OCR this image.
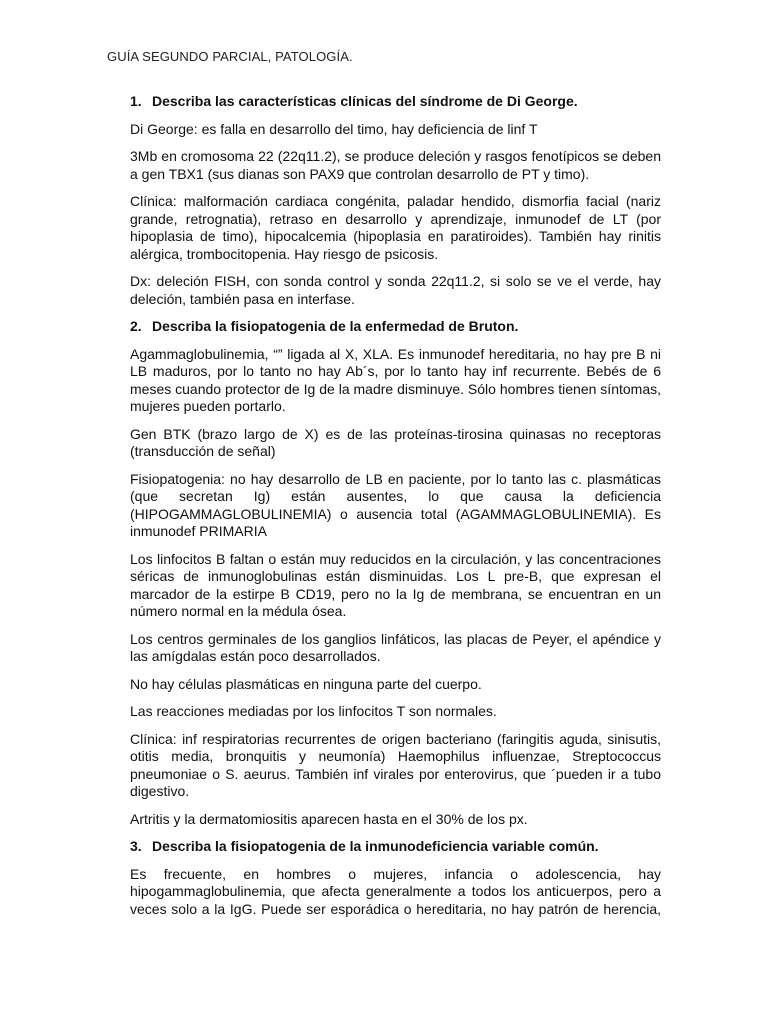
GUÍA SEGUNDO PARCIAL, PATOLOGÍA.
1. Describa las características clínicas del síndrome de Di George.

Di George: es falla en desarrollo del timo, hay deficiencia de linf T

3Mb en cromosoma 22 (22q11.2), se produce deleción y rasgos fenotípicos se deben a gen TBX1 (sus dianas son PAX9 que controlan desarrollo de PT y timo).

Clínica: malformación cardiaca congénita, paladar hendido, dismorfia facial (nariz grande, retrognatia), retraso en desarrollo y aprendizaje, inmunodef de LT (por hipoplasia de timo), hipocalcemia (hipoplasia en paratiroides). También hay rinitis alérgica, trombocitopenia. Hay riesgo de psicosis.

Dx: deleción FISH, con sonda control y sonda 22q11.2, si solo se ve el verde, hay deleción, también pasa en interfase.

2. Describa la fisiopatogenia de la enfermedad de Bruton.

Agammaglobulinemia, “” ligada al X, XLA. Es inmunodef hereditaria, no hay pre B ni LB maduros, por lo tanto no hay Ab´s, por lo tanto hay inf recurrente. Bebés de 6 meses cuando protector de Ig de la madre disminuye. Sólo hombres tienen síntomas, mujeres pueden portarlo.

Gen BTK (brazo largo de X) es de las proteínas-tirosina quinasas no receptoras (transducción de señal)

Fisiopatogenia: no hay desarrollo de LB en paciente, por lo tanto las c. plasmáticas (que secretan Ig) están ausentes, lo que causa la deficiencia (HIPOGAMMAGLOBULINEMIA) o ausencia total (AGAMMAGLOBULINEMIA). Es inmunodef PRIMARIA

Los linfocitos B faltan o están muy reducidos en la circulación, y las concentraciones séricas de inmunoglobulinas están disminuidas. Los L pre-B, que expresan el marcador de la estirpe B CD19, pero no la Ig de membrana, se encuentran en un número normal en la médula ósea.

Los centros germinales de los ganglios linfáticos, las placas de Peyer, el apéndice y las amígdalas están poco desarrollados.

No hay células plasmáticas en ninguna parte del cuerpo.

Las reacciones mediadas por los linfocitos T son normales.

Clínica: inf respiratorias recurrentes de origen bacteriano (faringitis aguda, sinisutis, otitis media, bronquitis y neumonía) Haemophilus influenzae, Streptococcus pneumoniae o S. aeurus. También inf virales por enterovirus, que ´pueden ir a tubo digestivo.

Artritis y la dermatomiositis aparecen hasta en el 30% de los px.

3. Describa la fisiopatogenia de la inmunodeficiencia variable común.

Es frecuente, en hombres o mujeres, infancia o adolescencia, hay hipogammaglobulinemia, que afecta generalmente a todos los anticuerpos, pero a veces solo a la IgG. Puede ser esporádica o hereditaria, no hay patrón de herencia,
